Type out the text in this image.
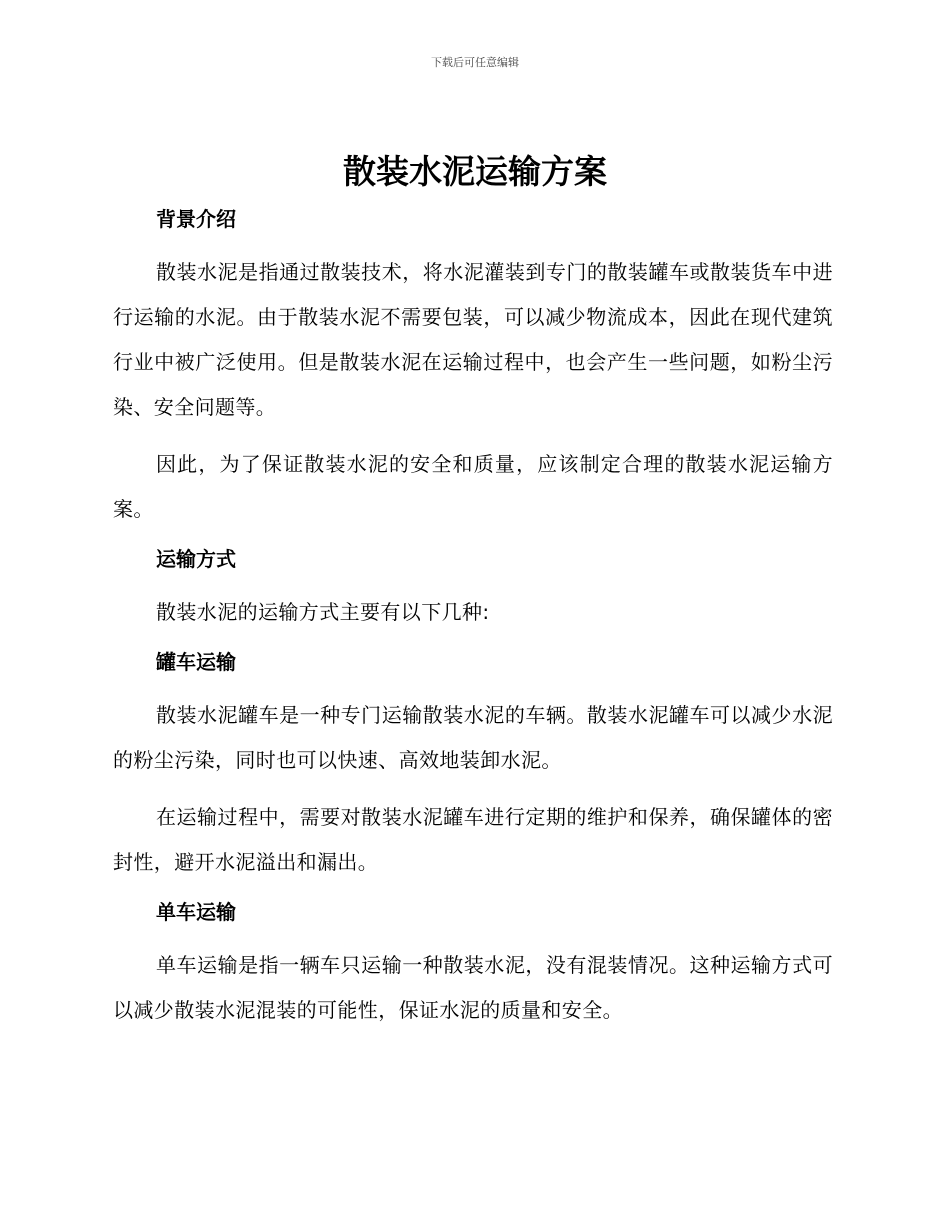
下载后可任意编辑
散装水泥运输方案
背景介绍

散装水泥是指通过散装技术，将水泥灌装到专门的散装罐车或散装货车中进行运输的水泥。由于散装水泥不需要包装，可以减少物流成本，因此在现代建筑行业中被广泛使用。但是散装水泥在运输过程中，也会产生一些问题，如粉尘污染、安全问题等。

因此，为了保证散装水泥的安全和质量，应该制定合理的散装水泥运输方案。

运输方式

散装水泥的运输方式主要有以下几种:

罐车运输

散装水泥罐车是一种专门运输散装水泥的车辆。散装水泥罐车可以减少水泥的粉尘污染，同时也可以快速、高效地装卸水泥。

在运输过程中，需要对散装水泥罐车进行定期的维护和保养，确保罐体的密封性，避开水泥溢出和漏出。

单车运输

单车运输是指一辆车只运输一种散装水泥，没有混装情况。这种运输方式可以减少散装水泥混装的可能性，保证水泥的质量和安全。
